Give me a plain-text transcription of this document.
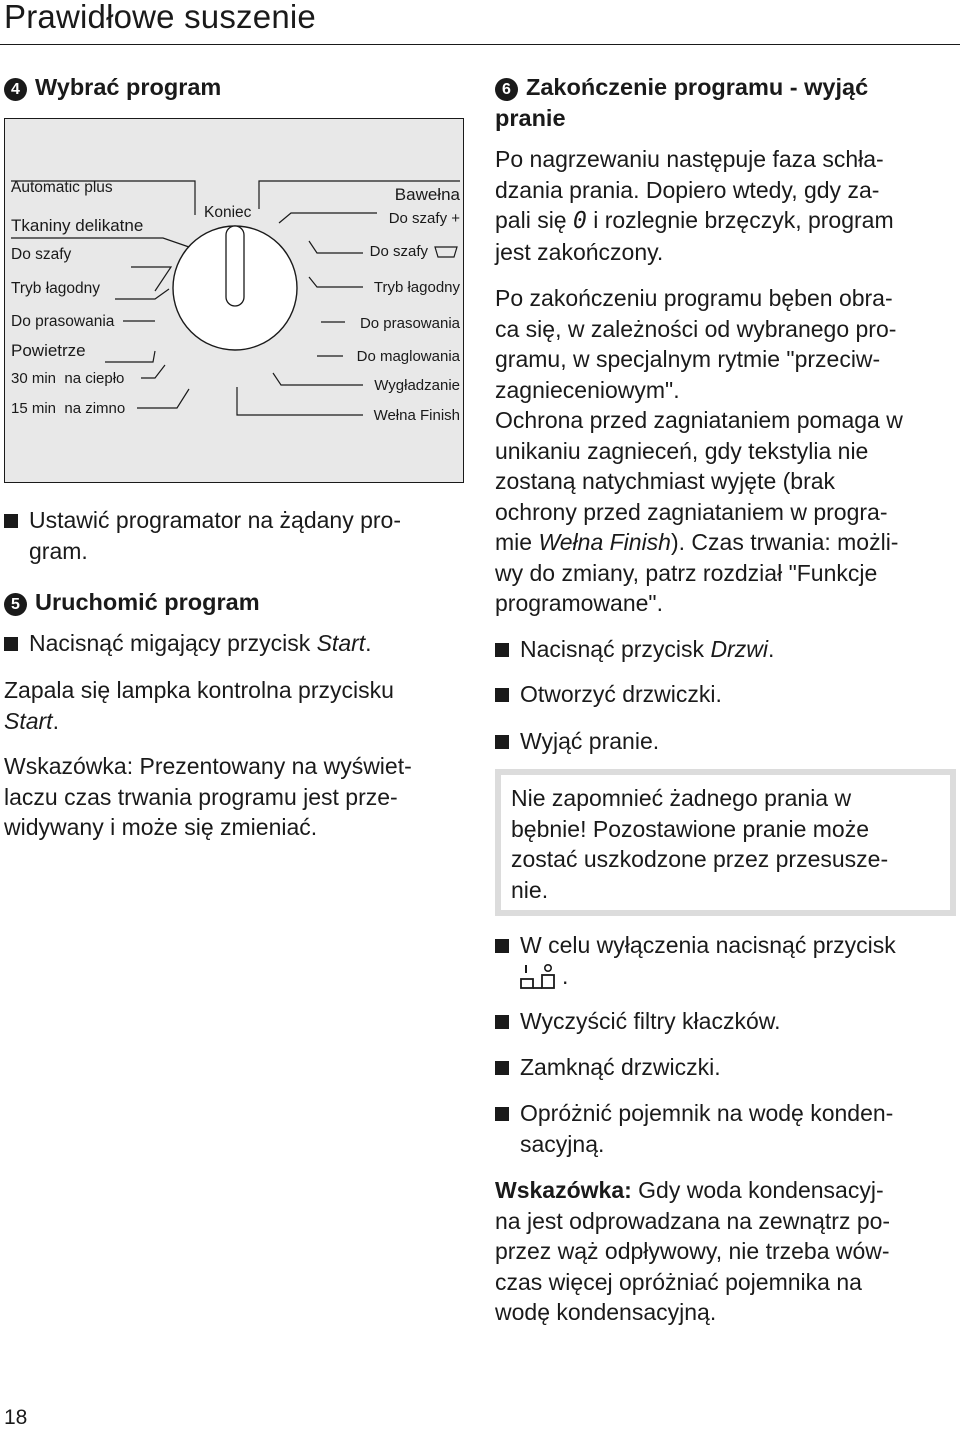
Prawidłowe suszenie
4 Wybrać program
Automatic plus
Tkaniny delikatne
Do szafy
Tryb łagodny
Do prasowania
Powietrze
30 min  na ciepło
15 min  na zimno
Koniec
Bawełna
Do szafy +
Do szafy
Tryb łagodny
Do prasowania
Do maglowania
Wygładzanie
Wełna Finish
Ustawić programator na żądany pro-
gram.
5 Uruchomić program
Nacisnąć migający przycisk Start.
Zapala się lampka kontrolna przycisku
Start.
Wskazówka: Prezentowany na wyświet-
laczu czas trwania programu jest prze-
widywany i może się zmieniać.
6 Zakończenie programu - wyjąć
pranie
Po nagrzewaniu następuje faza schła-
dzania prania. Dopiero wtedy, gdy za-
pali się 0 i rozlegnie brzęczyk, program
jest zakończony.
Po zakończeniu programu bęben obra-
ca się, w zależności od wybranego pro-
gramu, w specjalnym rytmie "przeciw-
zagnieceniowym".
Ochrona przed zagniataniem pomaga w
unikaniu zagnieceń, gdy tekstylia nie
zostaną natychmiast wyjęte (brak
ochrony przed zagniataniem w progra-
mie Wełna Finish). Czas trwania: możli-
wy do zmiany, patrz rozdział "Funkcje
programowane".
Nacisnąć przycisk Drzwi.
Otworzyć drzwiczki.
Wyjąć pranie.
Nie zapomnieć żadnego prania w
bębnie! Pozostawione pranie może
zostać uszkodzone przez przesusze-
nie.
W celu wyłączenia nacisnąć przycisk
.
Wyczyścić filtry kłaczków.
Zamknąć drzwiczki.
Opróżnić pojemnik na wodę konden-
sacyjną.
Wskazówka: Gdy woda kondensacyj-
na jest odprowadzana na zewnątrz po-
przez wąż odpływowy, nie trzeba wów-
czas więcej opróżniać pojemnika na
wodę kondensacyjną.
18
